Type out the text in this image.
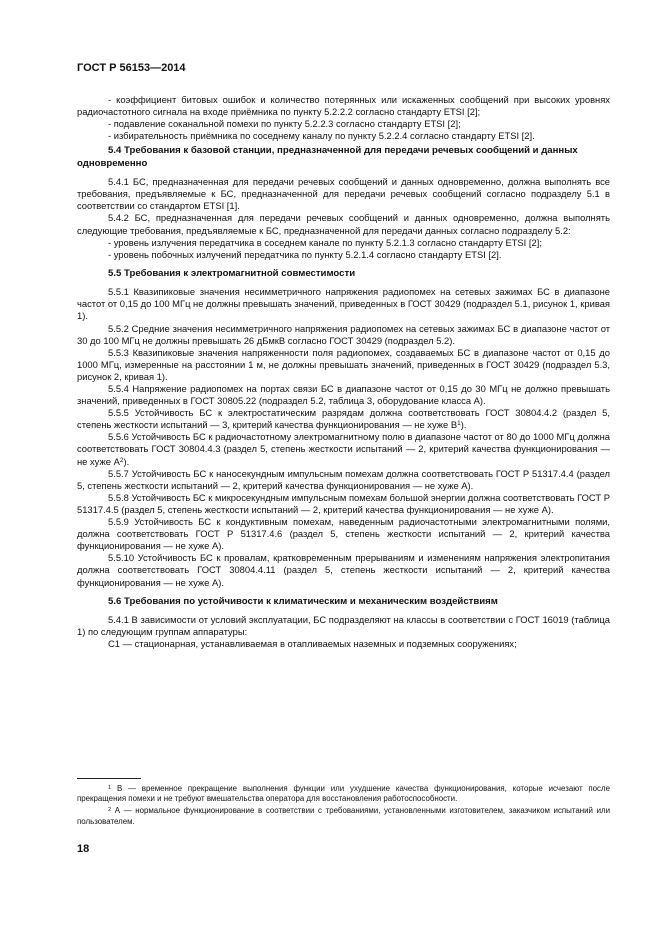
ГОСТ Р 56153—2014

- коэффициент битовых ошибок и количество потерянных или искаженных сообщений при высоких уровнях радиочастотного сигнала на входе приёмника по пункту 5.2.2.2 согласно стандарту ETSI [2];

- подавление соканальной помехи по пункту 5.2.2.3 согласно стандарту ETSI [2];

- избирательность приёмника по соседнему каналу по пункту 5.2.2.4 согласно стандарту ETSI [2].

5.4 Требования к базовой станции, предназначенной для передачи речевых сообщений и данных одновременно

5.4.1 БС, предназначенная для передачи речевых сообщений и данных одновременно, должна выполнять все требования, предъявляемые к БС, предназначенной для передачи речевых сообщений согласно подразделу 5.1 в соответствии со стандартом ETSI [1].

5.4.2 БС, предназначенная для передачи речевых сообщений и данных одновременно, должна выполнять следующие требования, предъявляемые к БС, предназначенной для передачи данных согласно подразделу 5.2:

- уровень излучения передатчика в соседнем канале по пункту 5.2.1.3 согласно стандарту ETSI [2];

- уровень побочных излучений передатчика по пункту 5.2.1.4 согласно стандарту ETSI [2].

5.5 Требования к электромагнитной совместимости

5.5.1 Квазипиковые значения несимметричного напряжения радиопомех на сетевых зажимах БС в диапазоне частот от 0,15 до 100 МГц не должны превышать значений, приведенных в ГОСТ 30429 (подраздел 5.1, рисунок 1, кривая 1).

5.5.2 Средние значения несимметричного напряжения радиопомех на сетевых зажимах БС в диапазоне частот от 30 до 100 МГц не должны превышать 26 дБмкВ согласно ГОСТ 30429 (подраздел 5.2).

5.5.3 Квазипиковые значения напряженности поля радиопомех, создаваемых БС в диапазоне частот от 0,15 до 1000 МГц, измеренные на расстоянии 1 м, не должны превышать значений, приведенных в ГОСТ 30429 (подраздел 5.3, рисунок 2, кривая 1).

5.5.4 Напряжение радиопомех на портах связи БС в диапазоне частот от 0,15 до 30 МГц не должно превышать значений, приведенных в ГОСТ 30805.22 (подраздел 5.2, таблица 3, оборудование класса А).

5.5.5 Устойчивость БС к электростатическим разрядам должна соответствовать ГОСТ 30804.4.2 (раздел 5, степень жесткости испытаний — 3, критерий качества функционирования — не хуже $В^1$).

5.5.6 Устойчивость БС к радиочастотному электромагнитному полю в диапазоне частот от 80 до 1000 МГц должна соответствовать ГОСТ 30804.4.3 (раздел 5, степень жесткости испытаний — 2, критерий качества функционирования — не хуже $А^2$).

5.5.7 Устойчивость БС к наносекундным импульсным помехам должна соответствовать ГОСТ Р 51317.4.4 (раздел 5, степень жесткости испытаний — 2, критерий качества функционирования — не хуже А).

5.5.8 Устойчивость БС к микросекундным импульсным помехам большой энергии должна соответствовать ГОСТ Р 51317.4.5 (раздел 5, степень жесткости испытаний — 2, критерий качества функционирования — не хуже А).

5.5.9 Устойчивость БС к кондуктивным помехам, наведенным радиочастотными электромагнитными полями, должна соответствовать ГОСТ Р 51317.4.6 (раздел 5, степень жесткости испытаний — 2, критерий качества функционирования — не хуже А).

5.5.10 Устойчивость БС к провалам, кратковременным прерываниям и изменениям напряжения электропитания должна соответствовать ГОСТ 30804.4.11 (раздел 5, степень жесткости испытаний — 2, критерий качества функционирования — не хуже А).

5.6 Требования по устойчивости к климатическим и механическим воздействиям

5.4.1 В зависимости от условий эксплуатации, БС подразделяют на классы в соответствии с ГОСТ 16019 (таблица 1) по следующим группам аппаратуры:

С1 — стационарная, устанавливаемая в отапливаемых наземных и подземных сооружениях;

$^1$ В — временное прекращение выполнения функции или ухудшение качества функционирования, которые исчезают после прекращения помехи и не требуют вмешательства оператора для восстановления работоспособности.

$^2$ А — нормальное функционирование в соответствии с требованиями, установленными изготовителем, заказчиком испытаний или пользователем.

18
